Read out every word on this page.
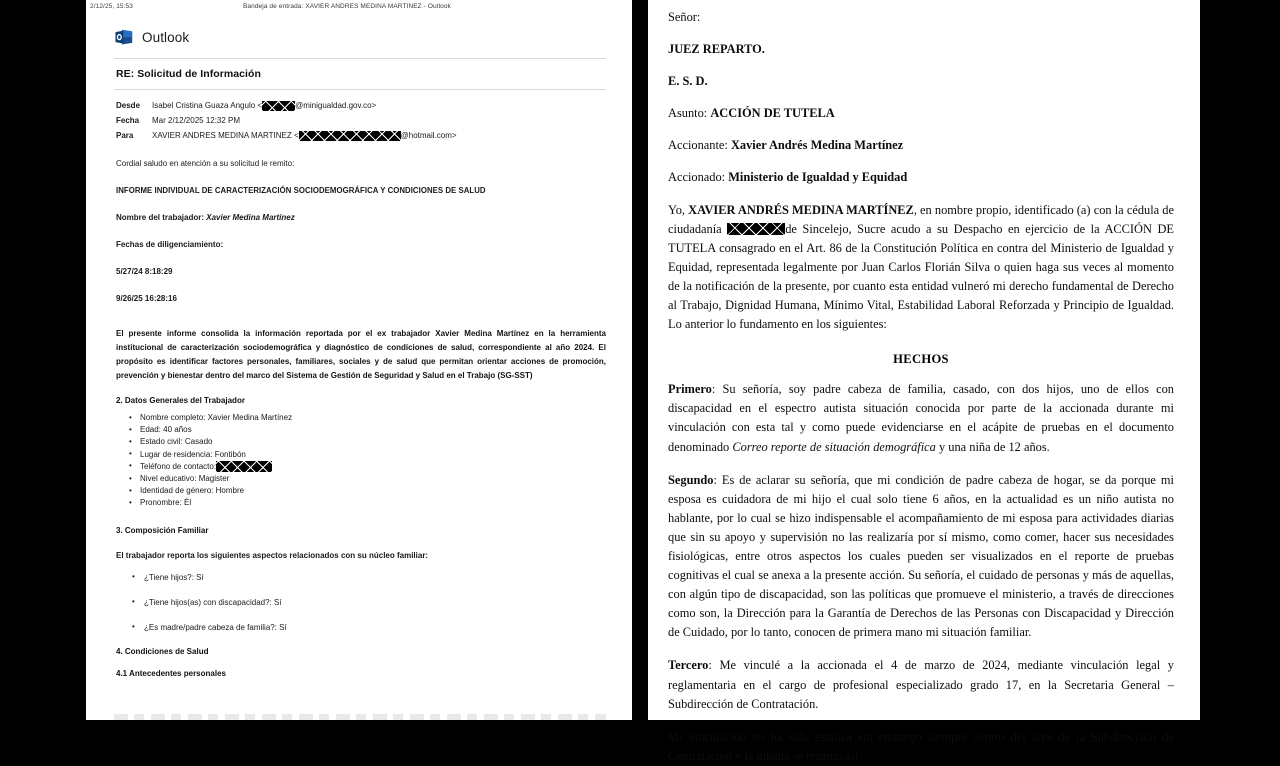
2/12/25, 15:53	Bandeja de entrada: XAVIER ANDRES MEDINA MARTINEZ - Outlook
Outlook
RE: Solicitud de Información
Desde	Isabel Cristina Guaza Angulo <	@minigualdad.gov.co>
Fecha	Mar 2/12/2025 12:32 PM
Para	XAVIER ANDRES MEDINA MARTINEZ <	@hotmail.com>
Cordial saludo en atención a su solicitud le remito:
INFORME INDIVIDUAL DE CARACTERIZACIÓN SOCIODEMOGRÁFICA Y CONDICIONES DE SALUD
Nombre del trabajador: Xavier Medina Martínez
Fechas de diligenciamiento:
5/27/24 8:18:29
9/26/25 16:28:16
El presente informe consolida la información reportada por el ex trabajador Xavier Medina Martínez en la herramienta institucional de caracterización sociodemográfica y diagnóstico de condiciones de salud, correspondiente al año 2024. El propósito es identificar factores personales, familiares, sociales y de salud que permitan orientar acciones de promoción, prevención y bienestar dentro del marco del Sistema de Gestión de Seguridad y Salud en el Trabajo (SG-SST)
2. Datos Generales del Trabajador
• Nombre completo: Xavier Medina Martínez
• Edad: 40 años
• Estado civil: Casado
• Lugar de residencia: Fontibón
• Teléfono de contacto:
• Nivel educativo: Magister
• Identidad de género: Hombre
• Pronombre: Él
3. Composición Familiar
El trabajador reporta los siguientes aspectos relacionados con su núcleo familiar:
• ¿Tiene hijos?: Sí
• ¿Tiene hijos(as) con discapacidad?: Sí
• ¿Es madre/padre cabeza de familia?: Sí
4. Condiciones de Salud
4.1 Antecedentes personales
Señor:
JUEZ REPARTO.
E. S. D.
Asunto: ACCIÓN DE TUTELA
Accionante: Xavier Andrés Medina Martínez
Accionado: Ministerio de Igualdad y Equidad
Yo, XAVIER ANDRÉS MEDINA MARTÍNEZ, en nombre propio, identificado (a) con la cédula de ciudadanía	de Sincelejo, Sucre acudo a su Despacho en ejercicio de la ACCIÓN DE TUTELA consagrado en el Art. 86 de la Constitución Política en contra del Ministerio de Igualdad y Equidad, representada legalmente por Juan Carlos Florián Silva o quien haga sus veces al momento de la notificación de la presente, por cuanto esta entidad vulneró mi derecho fundamental de Derecho al Trabajo, Dignidad Humana, Mínimo Vital, Estabilidad Laboral Reforzada y Principio de Igualdad. Lo anterior lo fundamento en los siguientes:
HECHOS
Primero: Su señoría, soy padre cabeza de familia, casado, con dos hijos, uno de ellos con discapacidad en el espectro autista situación conocida por parte de la accionada durante mi vinculación con esta tal y como puede evidenciarse en el acápite de pruebas en el documento denominado Correo reporte de situación demográfica y una niña de 12 años.
Segundo: Es de aclarar su señoría, que mi condición de padre cabeza de hogar, se da porque mi esposa es cuidadora de mi hijo el cual solo tiene 6 años, en la actualidad es un niño autista no hablante, por lo cual se hizo indispensable el acompañamiento de mi esposa para actividades diarias que sin su apoyo y supervisión no las realizaría por sí mismo, como comer, hacer sus necesidades fisiológicas, entre otros aspectos los cuales pueden ser visualizados en el reporte de pruebas cognitivas el cual se anexa a la presente acción. Su señoría, el cuidado de personas y más de aquellas, con algún tipo de discapacidad, son las políticas que promueve el ministerio, a través de direcciones como son, la Dirección para la Garantía de Derechos de las Personas con Discapacidad y Dirección de Cuidado, por lo tanto, conocen de primera mano mi situación familiar.
Tercero: Me vinculé a la accionada el 4 de marzo de 2024, mediante vinculación legal y reglamentaria en el cargo de profesional especializado grado 17, en la Secretaria General – Subdirección de Contratación.
Mi vinculación no ha sido estática sin embargo siempre dentro del área de la Subdirección de Contratación y la misma se resume así:
